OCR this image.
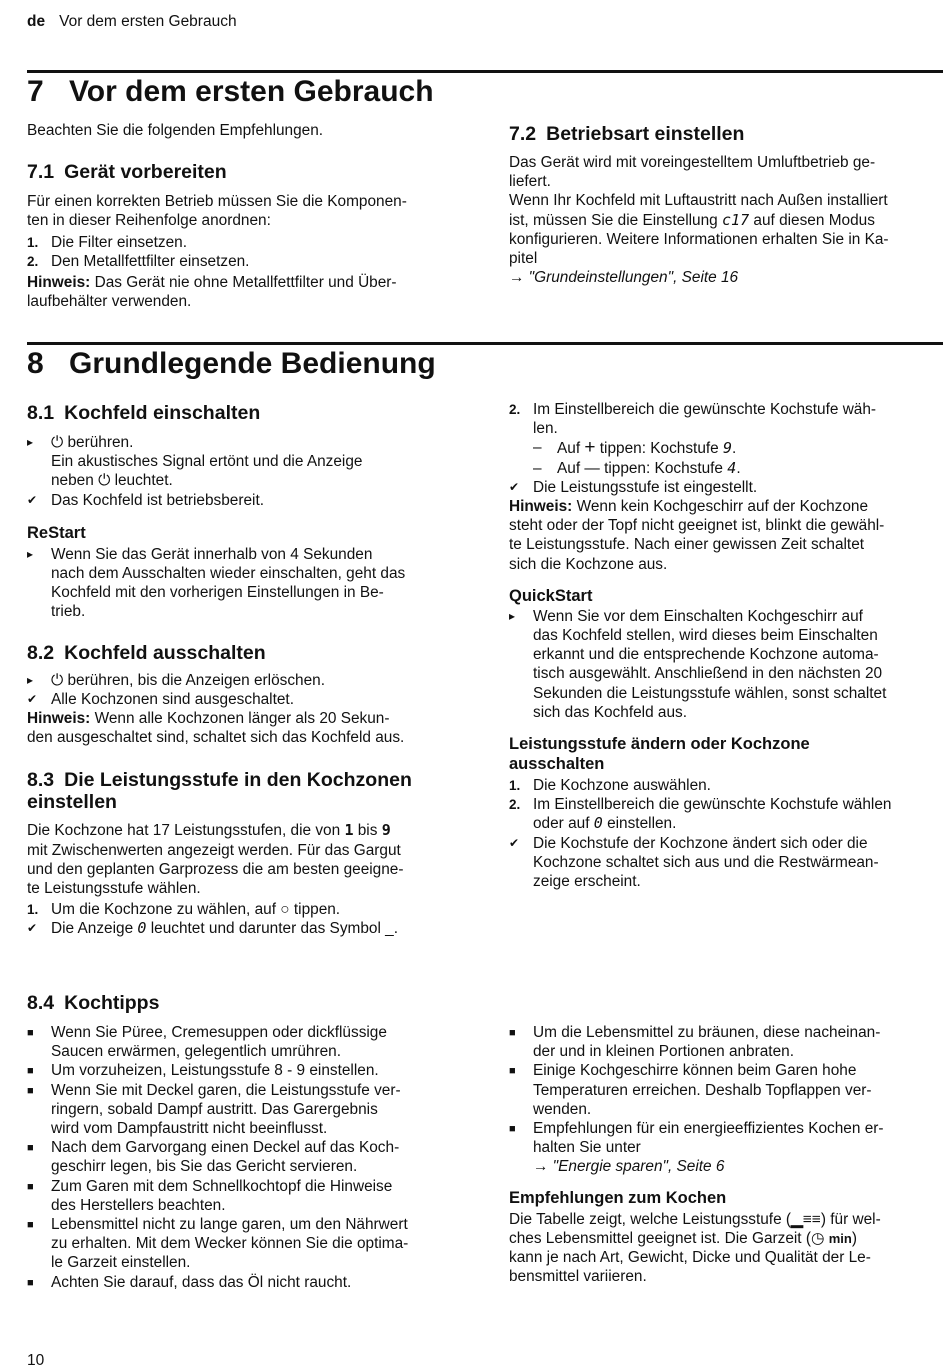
de Vor dem ersten Gebrauch
7 Vor dem ersten Gebrauch

Beachten Sie die folgenden Empfehlungen.

7.1 Gerät vorbereiten

Für einen korrekten Betrieb müssen Sie die Komponen-

ten in dieser Reihenfolge anordnen:

1. Die Filter einsetzen.
2. Den Metallfettfilter einsetzen.

Hinweis: Das Gerät nie ohne Metallfettfilter und Über-

laufbehälter verwenden.

7.2 Betriebsart einstellen

Das Gerät wird mit voreingestelltem Umluftbetrieb ge-

liefert.

Wenn Ihr Kochfeld mit Luftaustritt nach Außen installiert

ist, müssen Sie die Einstellung c17 auf diesen Modus

konfigurieren. Weitere Informationen erhalten Sie in Ka-

pitel

→ "Grundeinstellungen", Seite 16

8 Grundlegende Bedienung
8.1 Kochfeld einschalten
▸ ⏻ berühren.
Ein akustisches Signal ertönt und die Anzeige
neben ⏻ leuchtet.
✔ Das Kochfeld ist betriebsbereit.
ReStart
▸ Wenn Sie das Gerät innerhalb von 4 Sekunden
nach dem Ausschalten wieder einschalten, geht das
Kochfeld mit den vorherigen Einstellungen in Be-
trieb.
8.2 Kochfeld ausschalten
▸ ⏻ berühren, bis die Anzeigen erlöschen.
✔ Alle Kochzonen sind ausgeschaltet.

Hinweis: Wenn alle Kochzonen länger als 20 Sekun-

den ausgeschaltet sind, schaltet sich das Kochfeld aus.

8.3 Die Leistungsstufe in den Kochzonen
einstellen

Die Kochzone hat 17 Leistungsstufen, die von 1 bis 9

mit Zwischenwerten angezeigt werden. Für das Gargut

und den geplanten Garprozess die am besten geeigne-

te Leistungsstufe wählen.

1. Um die Kochzone zu wählen, auf ○ tippen.
✔ Die Anzeige 0 leuchtet und darunter das Symbol _.
2. Im Einstellbereich die gewünschte Kochstufe wäh-
len.
– Auf + tippen: Kochstufe 9.
– Auf — tippen: Kochstufe 4.
✔ Die Leistungsstufe ist eingestellt.

Hinweis: Wenn kein Kochgeschirr auf der Kochzone

steht oder der Topf nicht geeignet ist, blinkt die gewähl-

te Leistungsstufe. Nach einer gewissen Zeit schaltet

sich die Kochzone aus.

QuickStart
▸ Wenn Sie vor dem Einschalten Kochgeschirr auf
das Kochfeld stellen, wird dieses beim Einschalten
erkannt und die entsprechende Kochzone automa-
tisch ausgewählt. Anschließend in den nächsten 20
Sekunden die Leistungsstufe wählen, sonst schaltet
sich das Kochfeld aus.
Leistungsstufe ändern oder Kochzone
ausschalten
1. Die Kochzone auswählen.
2. Im Einstellbereich die gewünschte Kochstufe wählen
oder auf 0 einstellen.
✔ Die Kochstufe der Kochzone ändert sich oder die
Kochzone schaltet sich aus und die Restwärmean-
zeige erscheint.
8.4 Kochtipps
■ Wenn Sie Püree, Cremesuppen oder dickflüssige
Saucen erwärmen, gelegentlich umrühren.
■ Um vorzuheizen, Leistungsstufe 8 - 9 einstellen.
■ Wenn Sie mit Deckel garen, die Leistungsstufe ver-
ringern, sobald Dampf austritt. Das Garergebnis
wird vom Dampfaustritt nicht beeinflusst.
■ Nach dem Garvorgang einen Deckel auf das Koch-
geschirr legen, bis Sie das Gericht servieren.
■ Zum Garen mit dem Schnellkochtopf die Hinweise
des Herstellers beachten.
■ Lebensmittel nicht zu lange garen, um den Nährwert
zu erhalten. Mit dem Wecker können Sie die optima-
le Garzeit einstellen.
■ Achten Sie darauf, dass das Öl nicht raucht.
■ Um die Lebensmittel zu bräunen, diese nacheinan-
der und in kleinen Portionen anbraten.
■ Einige Kochgeschirre können beim Garen hohe
Temperaturen erreichen. Deshalb Topflappen ver-
wenden.
■ Empfehlungen für ein energieeffizientes Kochen er-
halten Sie unter
→ "Energie sparen", Seite 6
Empfehlungen zum Kochen

Die Tabelle zeigt, welche Leistungsstufe (▁≡≡) für wel-

ches Lebensmittel geeignet ist. Die Garzeit (◷ min)

kann je nach Art, Gewicht, Dicke und Qualität der Le-

bensmittel variieren.

10
